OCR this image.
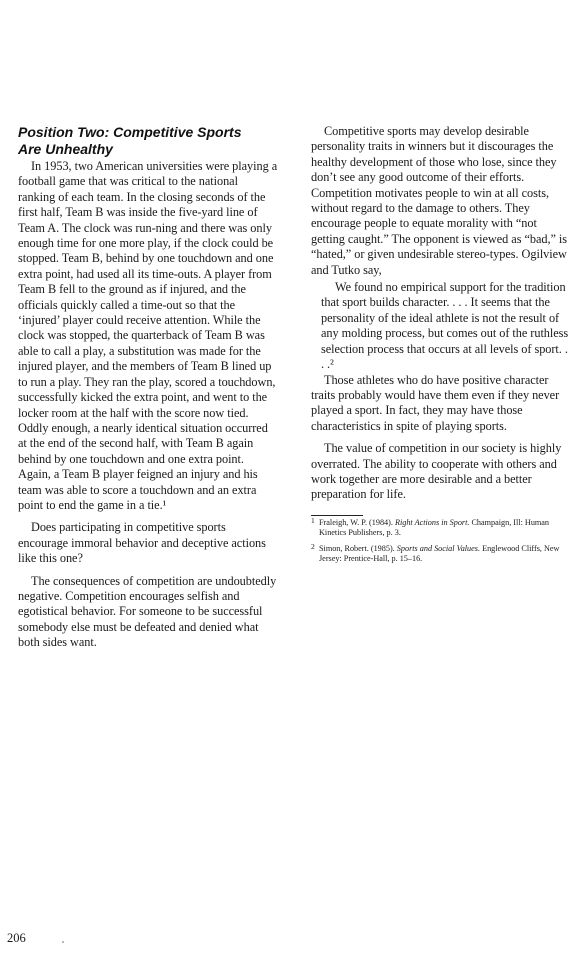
Position Two: Competitive Sports
Are Unhealthy

In 1953, two American universities were playing a football game that was critical to the national ranking of each team. In the closing seconds of the first half, Team B was inside the five-yard line of Team A. The clock was run-ning and there was only enough time for one more play, if the clock could be stopped. Team B, behind by one touchdown and one extra point, had used all its time-outs. A player from Team B fell to the ground as if injured, and the officials quickly called a time-out so that the ‘injured’ player could receive attention. While the clock was stopped, the quarterback of Team B was able to call a play, a substitution was made for the injured player, and the members of Team B lined up to run a play. They ran the play, scored a touchdown, successfully kicked the extra point, and went to the locker room at the half with the score now tied. Oddly enough, a nearly identical situation occurred at the end of the second half, with Team B again behind by one touchdown and one extra point. Again, a Team B player feigned an injury and his team was able to score a touchdown and an extra point to end the game in a tie.¹

Does participating in competitive sports encourage immoral behavior and deceptive actions like this one?

The consequences of competition are undoubtedly negative. Competition encourages selfish and egotistical behavior. For someone to be successful somebody else must be defeated and denied what both sides want.

Competitive sports may develop desirable personality traits in winners but it discourages the healthy development of those who lose, since they don’t see any good outcome of their efforts. Competition motivates people to win at all costs, without regard to the damage to others. They encourage people to equate morality with “not getting caught.” The opponent is viewed as “bad,” is “hated,” or given undesirable stereo-types. Ogilview and Tutko say,

We found no empirical support for the tradition that sport builds character. . . . It seems that the personality of the ideal athlete is not the result of any molding process, but comes out of the ruthless selection process that occurs at all levels of sport. . . .²

Those athletes who do have positive character traits probably would have them even if they never played a sport. In fact, they may have those characteristics in spite of playing sports.

The value of competition in our society is highly overrated. The ability to cooperate with others and work together are more desirable and a better preparation for life.

1 Fraleigh, W. P. (1984). Right Actions in Sport. Champaign, Ill: Human Kinetics Publishers, p. 3.
2 Simon, Robert. (1985). Sports and Social Values. Englewood Cliffs, New Jersey: Prentice-Hall, p. 15–16.
206
